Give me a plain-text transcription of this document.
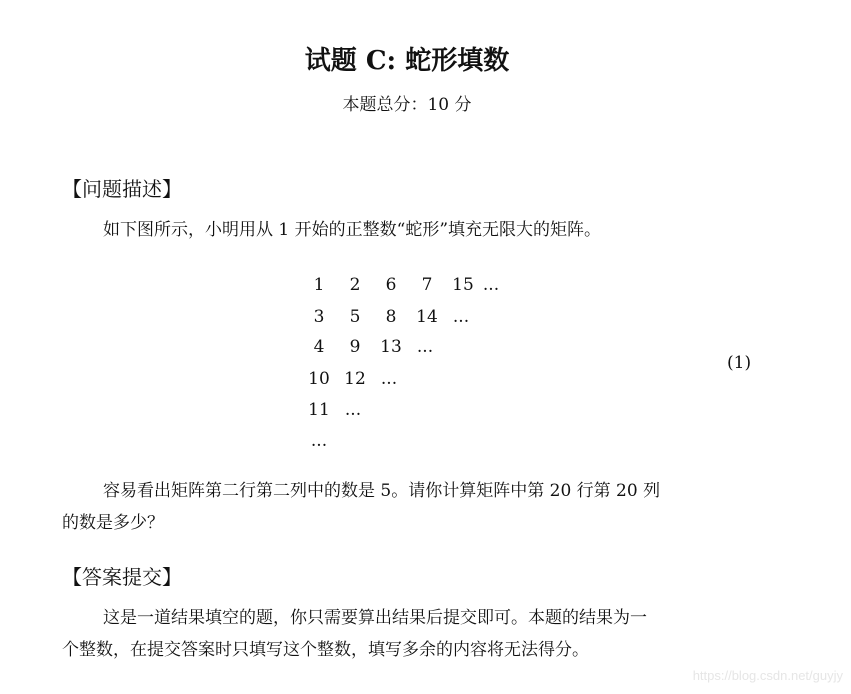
试题 C: 蛇形填数
本题总分：10 分
【问题描述】
如下图所示，小明用从 1 开始的正整数“蛇形”填充无限大的矩阵。
1 2 6 7 15 ...
3 5 8 14 ...
4 9 13 ...
10 12 ...
11 ...
...
(1)
容易看出矩阵第二行第二列中的数是 5。请你计算矩阵中第 20 行第 20 列
的数是多少？
【答案提交】
这是一道结果填空的题，你只需要算出结果后提交即可。本题的结果为一
个整数，在提交答案时只填写这个整数，填写多余的内容将无法得分。
https://blog.csdn.net/guyjy
